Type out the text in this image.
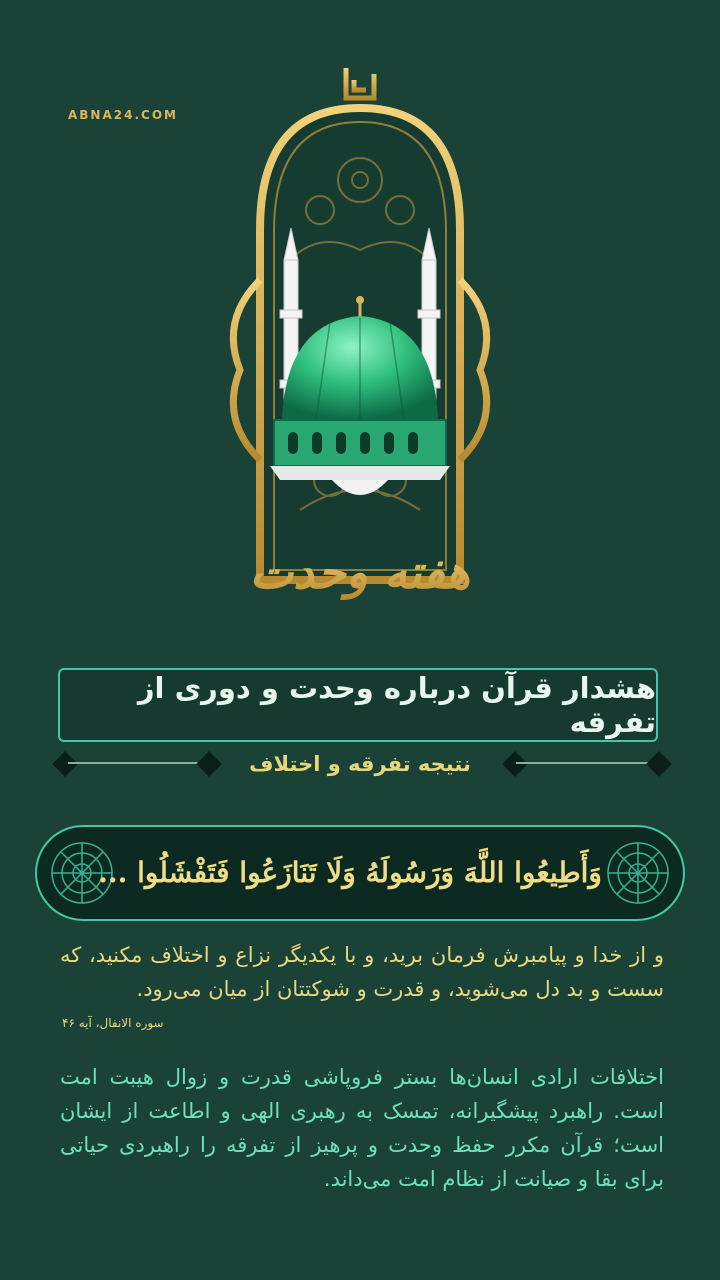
ABNA24.COM
هفته وحدت
هشدار قرآن درباره وحدت و دوری از تفرقه
نتیجه تفرقه و اختلاف
وَأَطِيعُوا اللَّهَ وَرَسُولَهُ وَلَا تَنَازَعُوا فَتَفْشَلُوا ...
و از خدا و پیامبرش فرمان برید، و با یکدیگر نزاع و اختلاف مکنید، که سست و بد دل می‌شوید، و قدرت و شوکتتان از میان می‌رود.
سوره الانفال، آیه ۴۶
اختلافات ارادی انسان‌ها بستر فروپاشی قدرت و زوال هیبت امت است. راهبرد پیشگیرانه، تمسک به رهبری الهی و اطاعت از ایشان است؛ قرآن مکرر حفظ وحدت و پرهیز از تفرقه را راهبردی حیاتی برای بقا و صیانت از نظام امت می‌داند.
